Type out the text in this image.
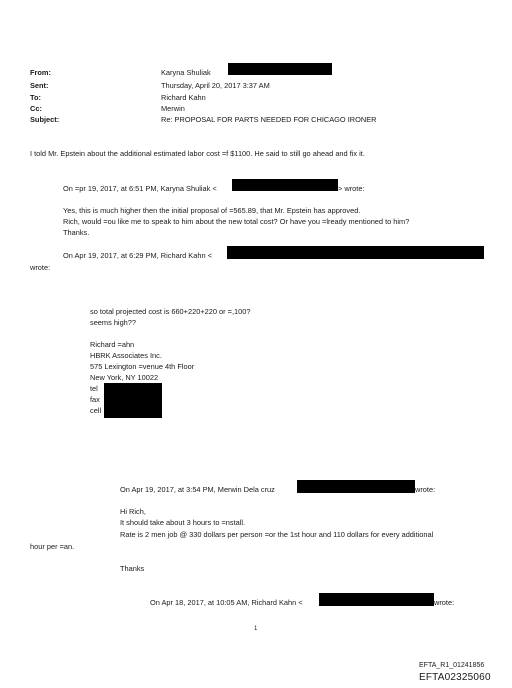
From:	Karyna Shuliak
Sent:	Thursday, April 20, 2017 3:37 AM
To:	Richard Kahn
Cc:	Merwin
Subject:	Re: PROPOSAL FOR PARTS NEEDED FOR CHICAGO IRONER
I told Mr. Epstein about the additional estimated labor cost =f $1100. He said to still go ahead and fix it.
On =pr 19, 2017, at 6:51 PM, Karyna Shuliak <	> wrote:
Yes, this is much higher then the initial proposal of =565.89, that Mr. Epstein has approved.
Rich, would =ou like me to speak to him about the new total cost? Or have you =lready mentioned to him?
Thanks.
On Apr 19, 2017, at 6:29 PM, Richard Kahn <
wrote:
so total projected cost is 660+220+220 or =,100?
seems high??
Richard =ahn
HBRK Associates Inc.
575 Lexington =venue 4th Floor
New York, NY 10022
tel
fax
cell
On Apr 19, 2017, at 3:54 PM, Merwin Dela cruz	wrote:
Hi Rich,
It should take about 3 hours to =nstall.
Rate is 2 men job @ 330 dollars per person =or the 1st hour and 110 dollars for every additional
hour per =an.
Thanks
On Apr 18, 2017, at 10:05 AM, Richard Kahn <	wrote:
1
EFTA_R1_01241856
EFTA02325060
